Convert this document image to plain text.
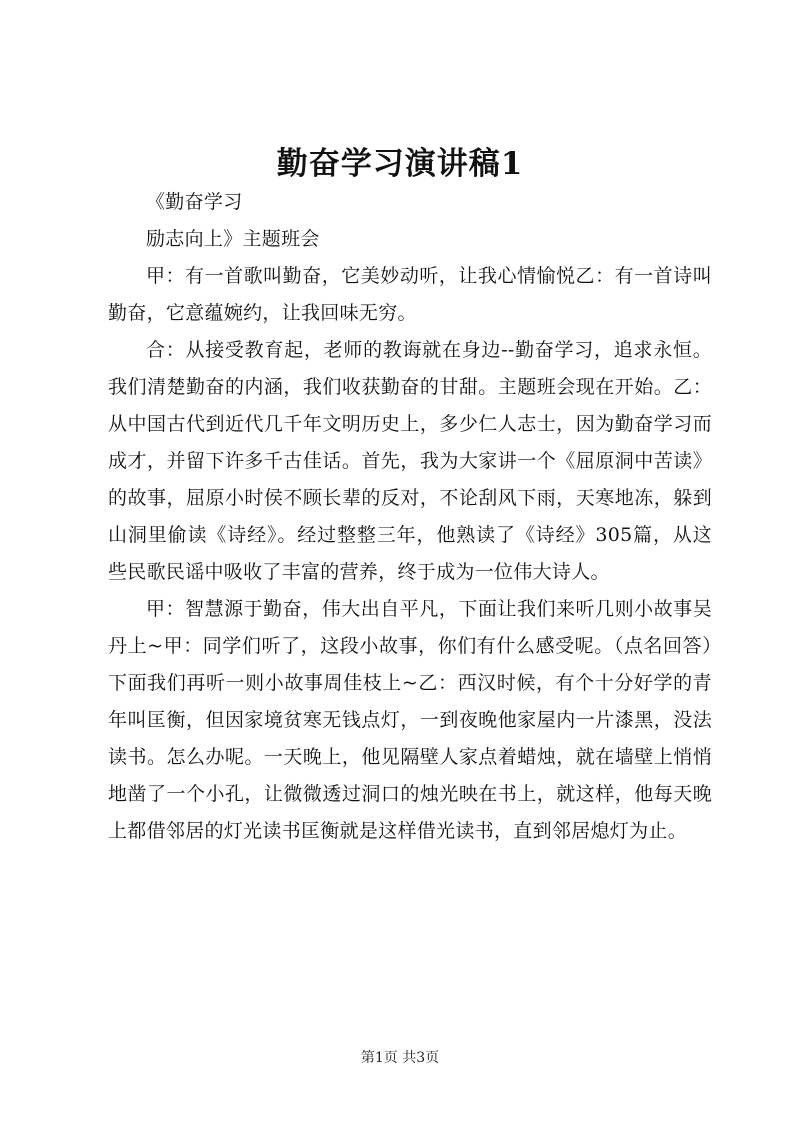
勤奋学习演讲稿1

《勤奋学习

励志向上》主题班会

甲：有一首歌叫勤奋，它美妙动听，让我心情愉悦乙：有一首诗叫勤奋，它意蕴婉约，让我回味无穷。

合：从接受教育起，老师的教诲就在身边--勤奋学习，追求永恒。我们清楚勤奋的内涵，我们收获勤奋的甘甜。主题班会现在开始。乙：从中国古代到近代几千年文明历史上，多少仁人志士，因为勤奋学习而成才，并留下许多千古佳话。首先，我为大家讲一个《屈原洞中苦读》的故事，屈原小时侯不顾长辈的反对，不论刮风下雨，天寒地冻，躲到山洞里偷读《诗经》。经过整整三年，他熟读了《诗经》305篇，从这些民歌民谣中吸收了丰富的营养，终于成为一位伟大诗人。

甲：智慧源于勤奋，伟大出自平凡，下面让我们来听几则小故事吴丹上~甲：同学们听了，这段小故事，你们有什么感受呢。（点名回答）下面我们再听一则小故事周佳枝上~乙：西汉时候，有个十分好学的青年叫匡衡，但因家境贫寒无钱点灯，一到夜晚他家屋内一片漆黑，没法读书。怎么办呢。一天晚上，他见隔壁人家点着蜡烛，就在墙壁上悄悄地凿了一个小孔，让微微透过洞口的烛光映在书上，就这样，他每天晚上都借邻居的灯光读书匡衡就是这样借光读书，直到邻居熄灯为止。

第1页 共3页
